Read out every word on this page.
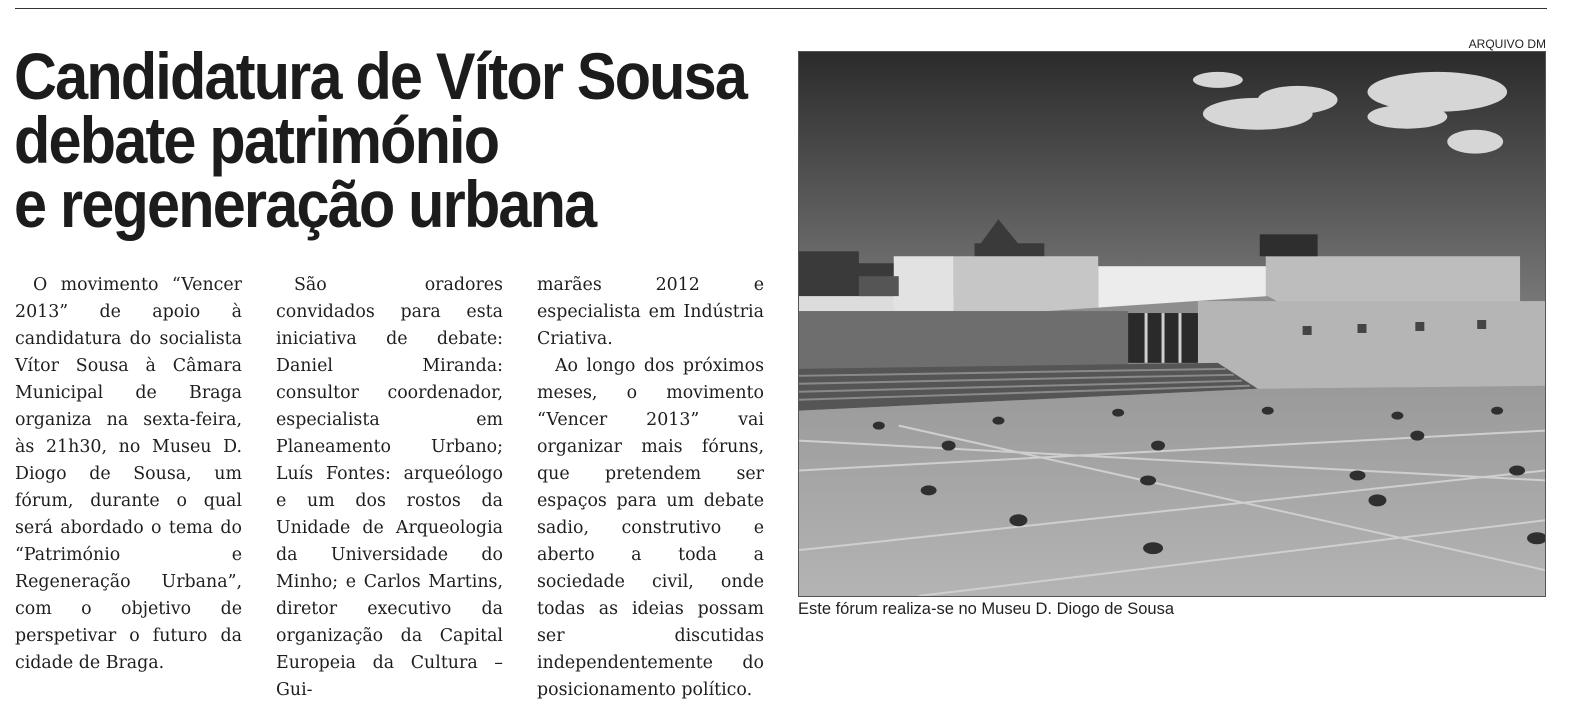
Candidatura de Vítor Sousa
debate património
e regeneração urbana

O movimento “Vencer 2013” de apoio à candidatura do socialista Vítor Sousa à Câmara Municipal de Braga organiza na sexta-feira, às 21h30, no Museu D. Diogo de Sousa, um fórum, durante o qual será abordado o tema do “Património e Regeneração Urbana”, com o objetivo de perspetivar o futuro da cidade de Braga.

São oradores convidados para esta iniciativa de debate: Daniel Miranda: consultor coordenador, especialista em Planeamento Urbano; Luís Fontes: arqueólogo e um dos rostos da Unidade de Arqueologia da Universidade do Minho; e Carlos Martins, diretor executivo da organização da Capital Europeia da Cultura – Gui-

marães 2012 e especialista em Indústria Criativa.

Ao longo dos próximos meses, o movimento “Vencer 2013” vai organizar mais fóruns, que pretendem ser espaços para um debate sadio, construtivo e aberto a toda a sociedade civil, onde todas as ideias possam ser discutidas independentemente do posicionamento político.

ARQUIVO DM
Este fórum realiza-se no Museu D. Diogo de Sousa
